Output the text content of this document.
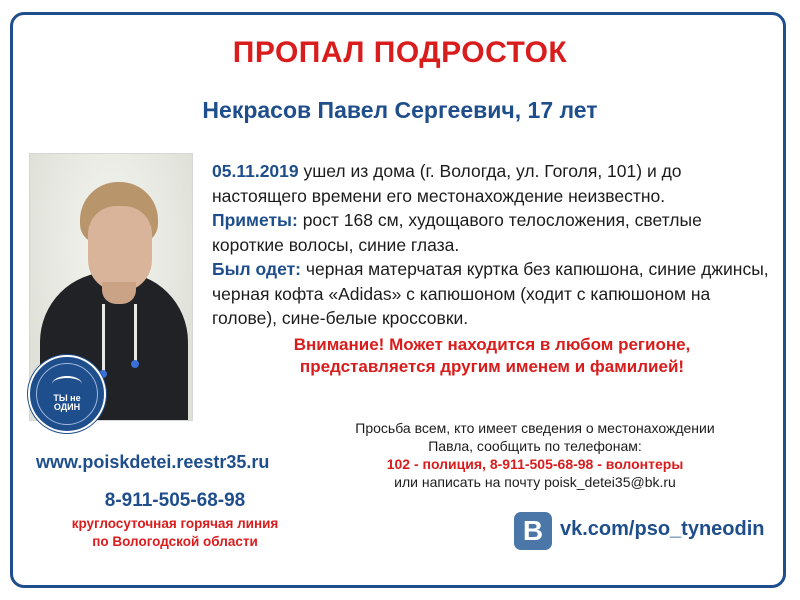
ПРОПАЛ ПОДРОСТОК
Некрасов Павел Сергеевич, 17 лет
ТЫ не
ОДИН

05.11.2019 ушел из дома (г. Вологда, ул. Гоголя, 101) и до настоящего времени его местонахождение неизвестно.

Приметы: рост 168 см, худощавого телосложения, светлые короткие волосы, синие глаза.

Был одет: черная матерчатая куртка без капюшона, синие джинсы, черная кофта «Adidas» с капюшоном (ходит с капюшоном на голове), сине-белые кроссовки.

Внимание! Может находится в любом регионе,
представляется другим именем и фамилией!
www.poiskdetei.reestr35.ru
8-911-505-68-98
круглосуточная горячая линия
по Вологодской области
Просьба всем, кто имеет сведения о местонахождении
Павла, сообщить по телефонам:
102 - полиция, 8-911-505-68-98 - волонтеры
или написать на почту poisk_detei35@bk.ru
В vk.com/pso_tyneodin
